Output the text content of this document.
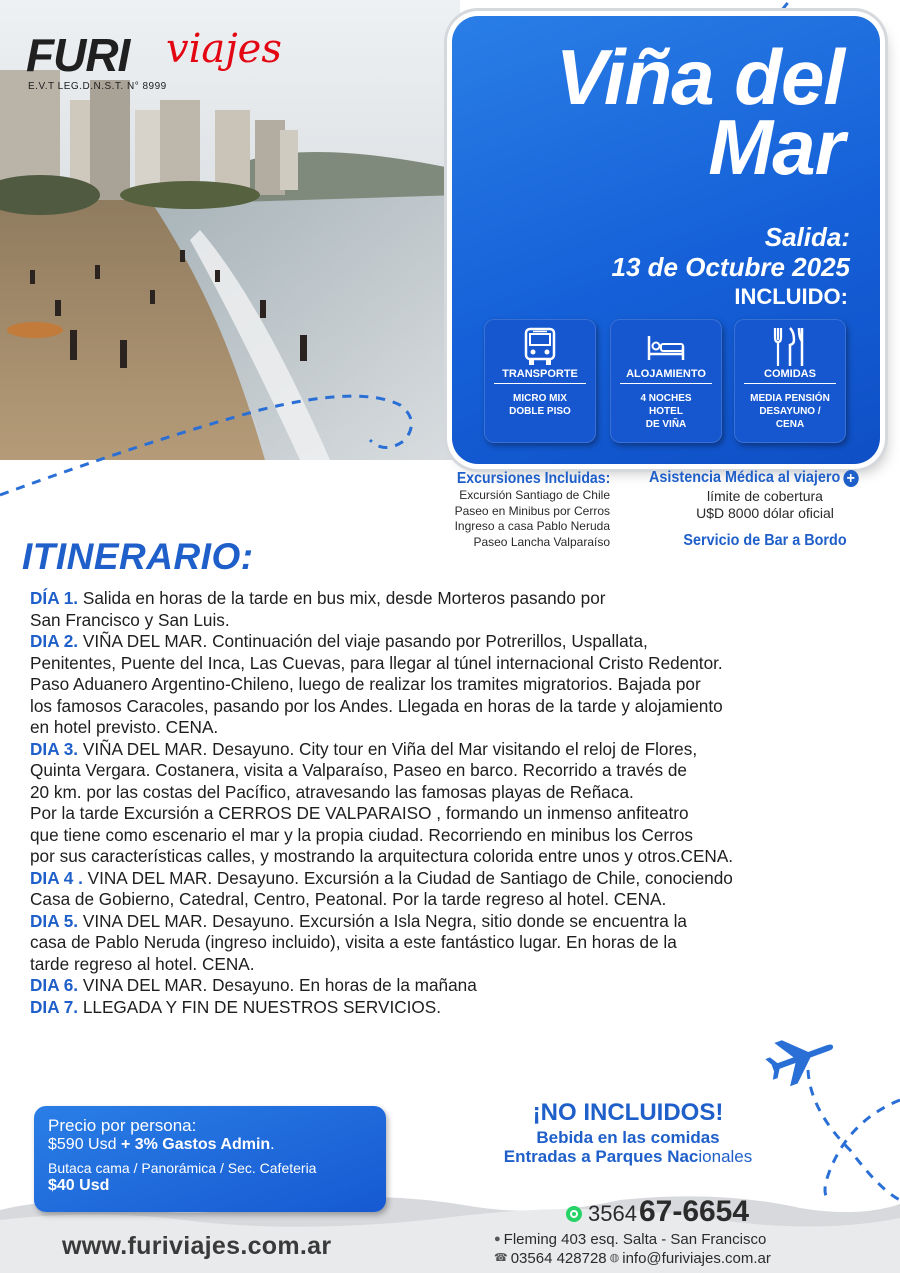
FURI viajes
E.V.T LEG.D.N.S.T. N° 8999	Viña del
Mar
Salida:
13 de Octubre 2025
INCLUIDO:
TRANSPORTE
MICRO MIX
DOBLE PISO
ALOJAMIENTO
4 NOCHES
HOTEL
DE VIÑA
COMIDAS
MEDIA PENSIÓN
DESAYUNO /
CENA
Excursiones Incluidas:
Excursión Santiago de Chile
Paseo en Minibus por Cerros
Ingreso a casa Pablo Neruda
Paseo Lancha Valparaíso
Asistencia Médica al viajero +
límite de cobertura
U$D 8000 dólar oficial
Servicio de Bar a Bordo
ITINERARIO:

DÍA 1. Salida en horas de la tarde en bus mix, desde Morteros pasando por
San Francisco y San Luis.

DIA 2. VIÑA DEL MAR. Continuación del viaje pasando por Potrerillos, Uspallata,
Penitentes, Puente del Inca, Las Cuevas, para llegar al túnel internacional Cristo Redentor.
Paso Aduanero Argentino-Chileno, luego de realizar los tramites migratorios. Bajada por
los famosos Caracoles, pasando por los Andes. Llegada en horas de la tarde y alojamiento
en hotel previsto. CENA.

DIA 3. VIÑA DEL MAR. Desayuno. City tour en Viña del Mar visitando el reloj de Flores,
Quinta Vergara. Costanera, visita a Valparaíso, Paseo en barco. Recorrido a través de
20 km. por las costas del Pacífico, atravesando las famosas playas de Reñaca.
Por la tarde Excursión a CERROS DE VALPARAISO , formando un inmenso anfiteatro
que tiene como escenario el mar y la propia ciudad. Recorriendo en minibus los Cerros
por sus características calles, y mostrando la arquitectura colorida entre unos y otros.CENA.

DIA 4 . VINA DEL MAR. Desayuno. Excursión a la Ciudad de Santiago de Chile, conociendo
Casa de Gobierno, Catedral, Centro, Peatonal. Por la tarde regreso al hotel. CENA.

DIA 5. VINA DEL MAR. Desayuno. Excursión a Isla Negra, sitio donde se encuentra la
casa de Pablo Neruda (ingreso incluido), visita a este fantástico lugar. En horas de la
tarde regreso al hotel. CENA.

DIA 6. VINA DEL MAR. Desayuno. En horas de la mañana

DIA 7. LLEGADA Y FIN DE NUESTROS SERVICIOS.

Precio por persona:
$590 Usd + 3% Gastos Admin.
Butaca cama / Panorámica / Sec. Cafeteria
$40 Usd
¡NO INCLUIDOS!
Bebida en las comidas
Entradas a Parques Nacionales
www.furiviajes.com.ar
3564 67-6654
● Fleming 403 esq. Salta - San Francisco
☎ 03564 428728 ◍ info@furiviajes.com.ar
